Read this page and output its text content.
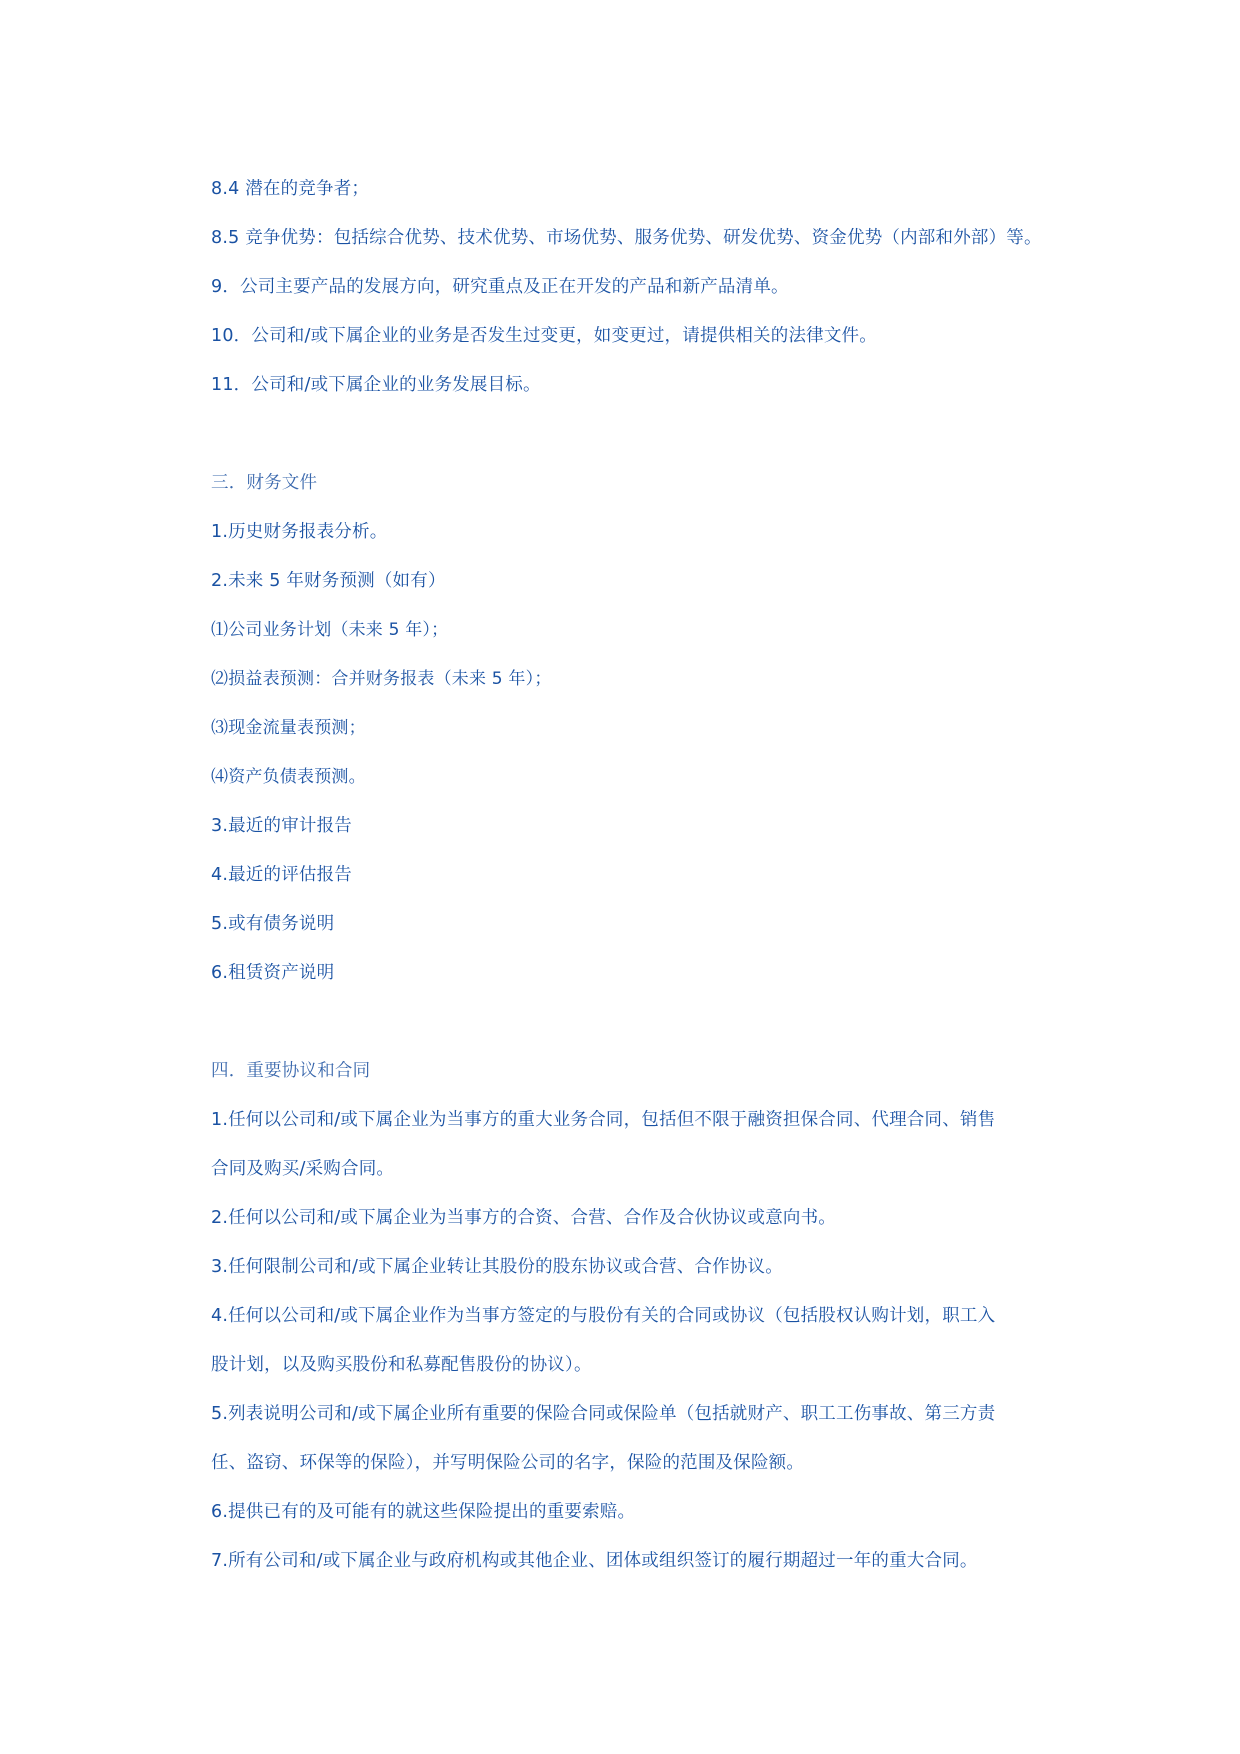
8.4 潜在的竞争者；
8.5 竞争优势：包括综合优势、技术优势、市场优势、服务优势、研发优势、资金优势（内部和外部）等。
9．公司主要产品的发展方向，研究重点及正在开发的产品和新产品清单。
10．公司和/或下属企业的业务是否发生过变更，如变更过，请提供相关的法律文件。
11．公司和/或下属企业的业务发展目标。
三．财务文件
1.历史财务报表分析。
2.未来 5 年财务预测（如有）
⑴公司业务计划（未来 5 年）；
⑵损益表预测：合并财务报表（未来 5 年）；
⑶现金流量表预测；
⑷资产负债表预测。
3.最近的审计报告
4.最近的评估报告
5.或有债务说明
6.租赁资产说明
四．重要协议和合同
1.任何以公司和/或下属企业为当事方的重大业务合同，包括但不限于融资担保合同、代理合同、销售
合同及购买/采购合同。
2.任何以公司和/或下属企业为当事方的合资、合营、合作及合伙协议或意向书。
3.任何限制公司和/或下属企业转让其股份的股东协议或合营、合作协议。
4.任何以公司和/或下属企业作为当事方签定的与股份有关的合同或协议（包括股权认购计划，职工入
股计划，以及购买股份和私募配售股份的协议）。
5.列表说明公司和/或下属企业所有重要的保险合同或保险单（包括就财产、职工工伤事故、第三方责
任、盗窃、环保等的保险），并写明保险公司的名字，保险的范围及保险额。
6.提供已有的及可能有的就这些保险提出的重要索赔。
7.所有公司和/或下属企业与政府机构或其他企业、团体或组织签订的履行期超过一年的重大合同。
